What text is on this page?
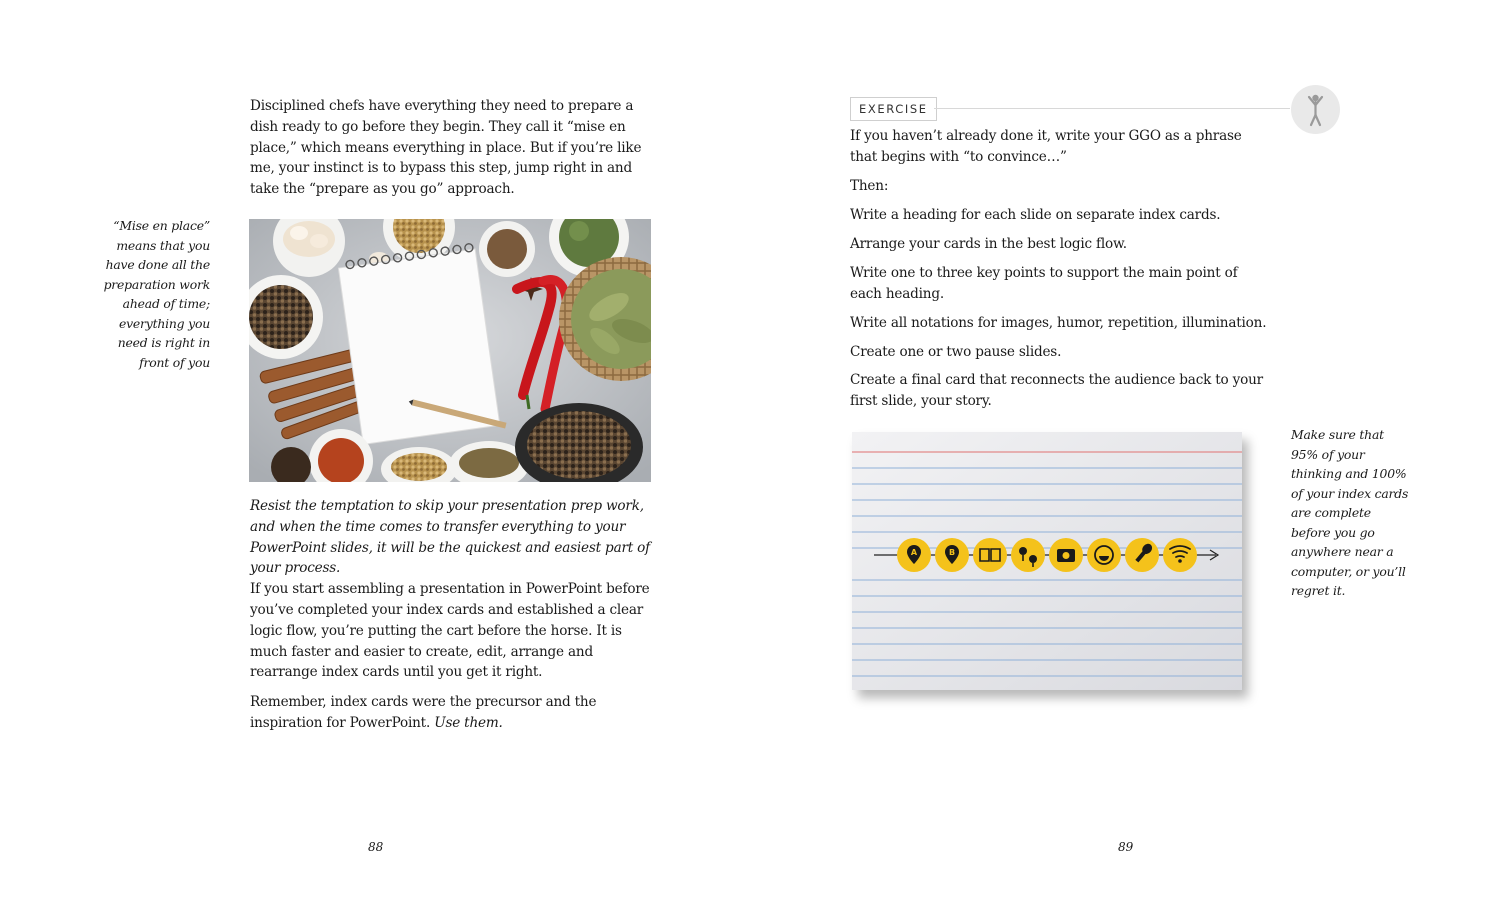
Disciplined chefs have everything they need to prepare a dish ready to go before they begin. They call it “mise en place,” which means everything in place. But if you’re like me, your instinct is to bypass this step, jump right in and take the “prepare as you go” approach.

“Mise en place” means that you have done all the preparation work ahead of time; everything you need is right in front of you

Resist the temptation to skip your presentation prep work, and when the time comes to transfer everything to your PowerPoint slides, it will be the quickest and easiest part of your process.

If you start assembling a presentation in PowerPoint before you’ve completed your index cards and established a clear logic flow, you’re putting the cart before the horse. It is much faster and easier to create, edit, arrange and rearrange index cards until you get it right.

Remember, index cards were the precursor and the inspiration for PowerPoint. Use them.

88
EXERCISE

If you haven’t already done it, write your GGO as a phrase that begins with “to convince…”

Then:

Write a heading for each slide on separate index cards.

Arrange your cards in the best logic flow.

Write one to three key points to support the main point of each heading.

Write all notations for images, humor, repetition, illumination.

Create one or two pause slides.

Create a final card that reconnects the audience back to your first slide, your story.

A	B
Make sure that 95% of your thinking and 100% of your index cards are complete before you go anywhere near a computer, or you’ll regret it.
89
